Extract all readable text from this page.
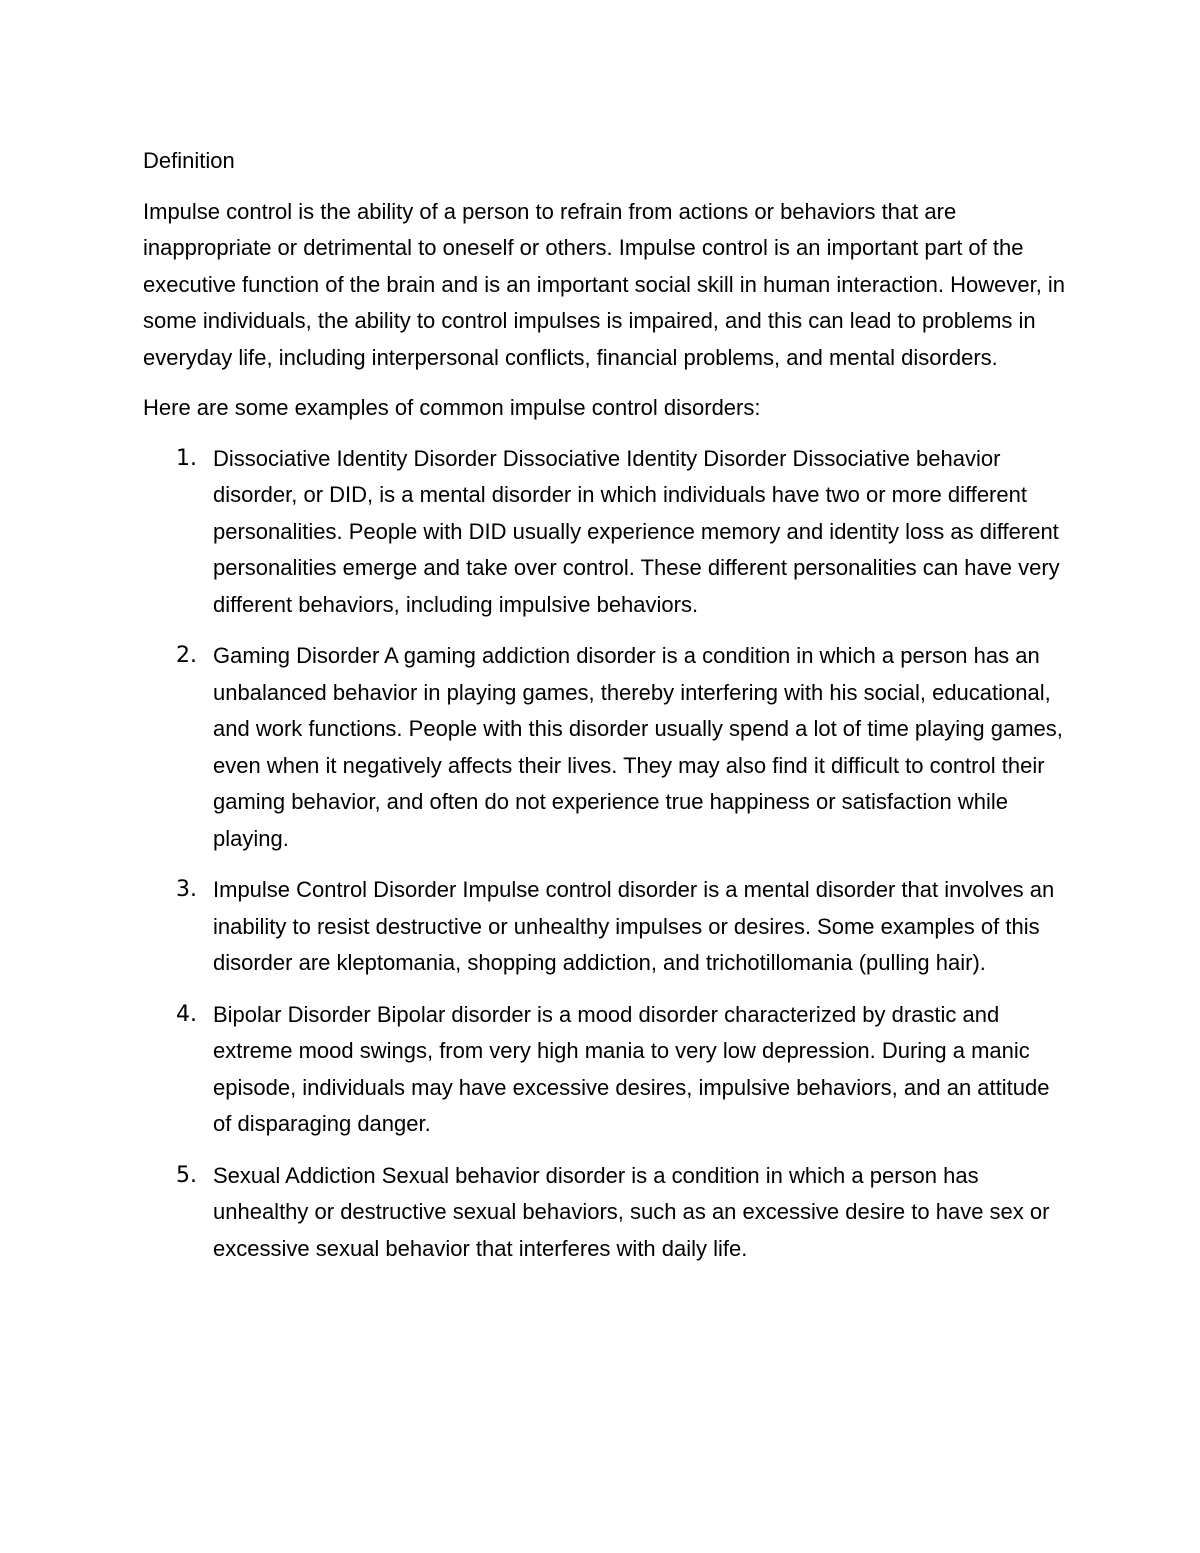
Definition

Impulse control is the ability of a person to refrain from actions or behaviors that are inappropriate or detrimental to oneself or others. Impulse control is an important part of the executive function of the brain and is an important social skill in human interaction. However, in some individuals, the ability to control impulses is impaired, and this can lead to problems in everyday life, including interpersonal conflicts, financial problems, and mental disorders.

Here are some examples of common impulse control disorders:

1. Dissociative Identity Disorder Dissociative Identity Disorder Dissociative behavior disorder, or DID, is a mental disorder in which individuals have two or more different personalities. People with DID usually experience memory and identity loss as different personalities emerge and take over control. These different personalities can have very different behaviors, including impulsive behaviors.
2. Gaming Disorder A gaming addiction disorder is a condition in which a person has an unbalanced behavior in playing games, thereby interfering with his social, educational, and work functions. People with this disorder usually spend a lot of time playing games, even when it negatively affects their lives. They may also find it difficult to control their gaming behavior, and often do not experience true happiness or satisfaction while playing.
3. Impulse Control Disorder Impulse control disorder is a mental disorder that involves an inability to resist destructive or unhealthy impulses or desires. Some examples of this disorder are kleptomania, shopping addiction, and trichotillomania (pulling hair).
4. Bipolar Disorder Bipolar disorder is a mood disorder characterized by drastic and extreme mood swings, from very high mania to very low depression. During a manic episode, individuals may have excessive desires, impulsive behaviors, and an attitude of disparaging danger.
5. Sexual Addiction Sexual behavior disorder is a condition in which a person has unhealthy or destructive sexual behaviors, such as an excessive desire to have sex or excessive sexual behavior that interferes with daily life.
